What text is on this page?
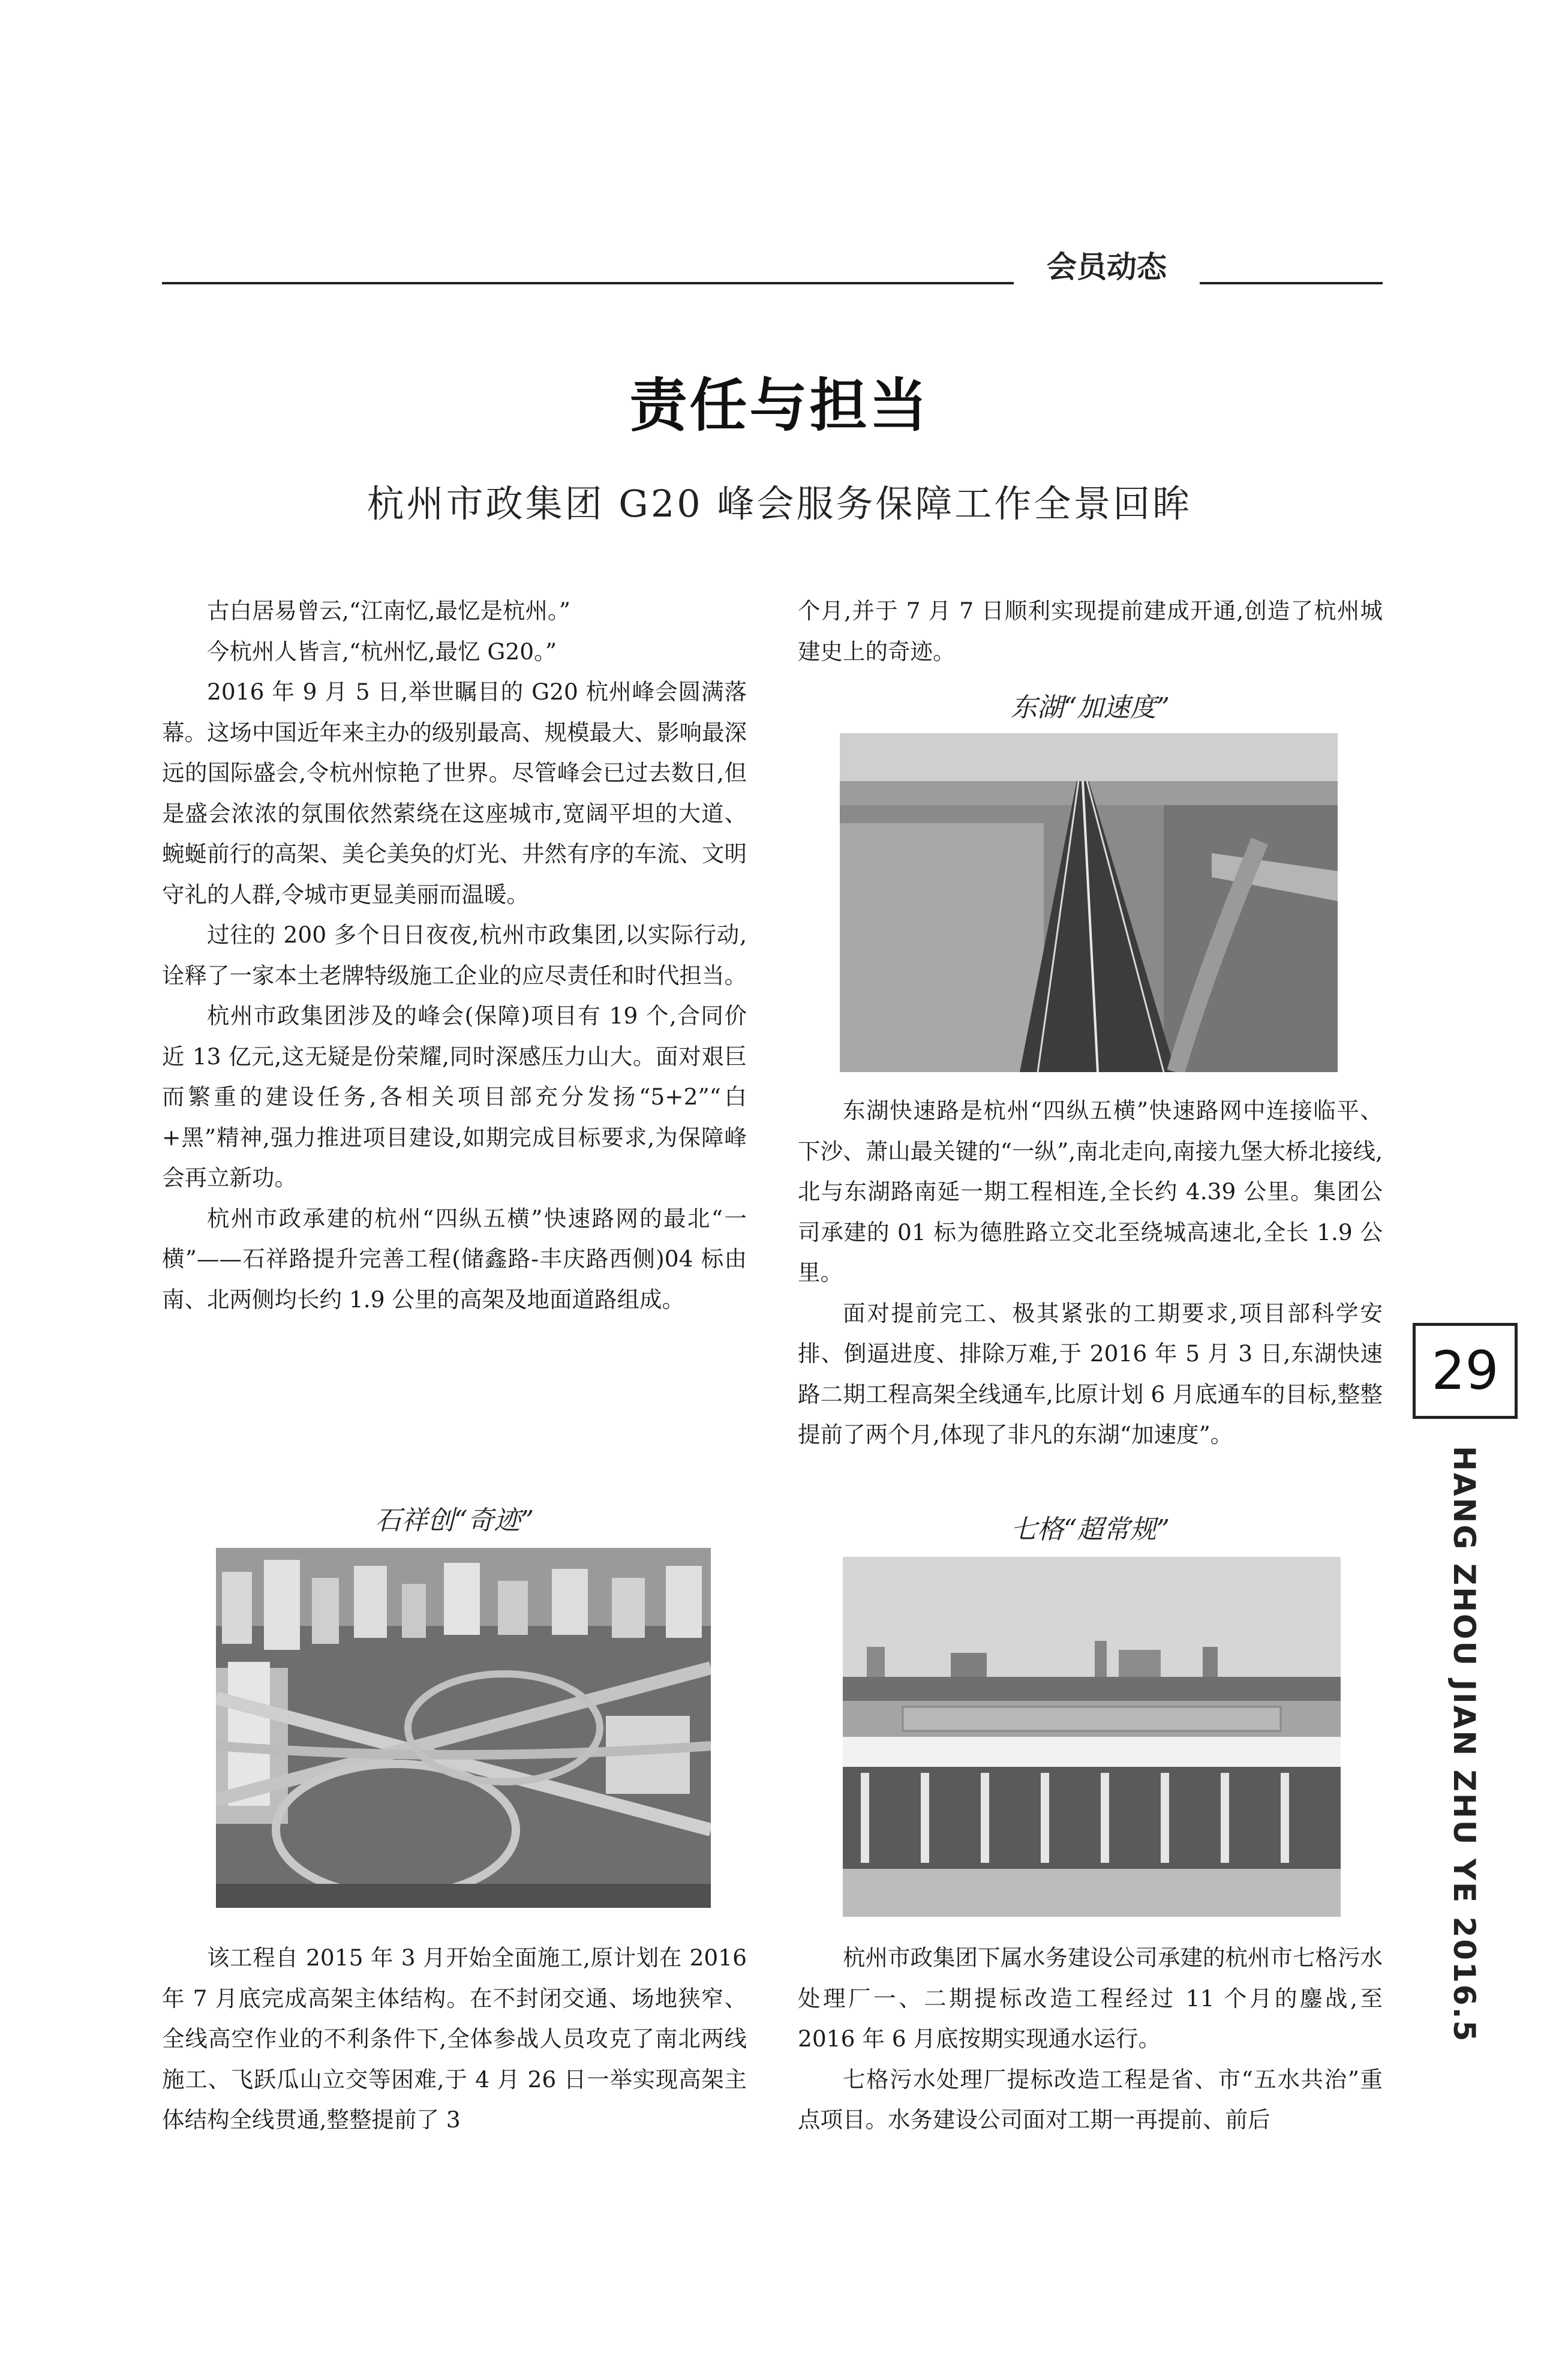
会员动态
责任与担当
杭州市政集团 G20 峰会服务保障工作全景回眸

古白居易曾云,“江南忆,最忆是杭州。”

今杭州人皆言,“杭州忆,最忆 G20。”

2016 年 9 月 5 日,举世瞩目的 G20 杭州峰会圆满落幕。这场中国近年来主办的级别最高、规模最大、影响最深远的国际盛会,令杭州惊艳了世界。尽管峰会已过去数日,但是盛会浓浓的氛围依然萦绕在这座城市,宽阔平坦的大道、蜿蜒前行的高架、美仑美奂的灯光、井然有序的车流、文明守礼的人群,令城市更显美丽而温暖。

过往的 200 多个日日夜夜,杭州市政集团,以实际行动,诠释了一家本土老牌特级施工企业的应尽责任和时代担当。

杭州市政集团涉及的峰会(保障)项目有 19 个,合同价近 13 亿元,这无疑是份荣耀,同时深感压力山大。面对艰巨而繁重的建设任务,各相关项目部充分发扬“5+2”“白+黑”精神,强力推进项目建设,如期完成目标要求,为保障峰会再立新功。

杭州市政承建的杭州“四纵五横”快速路网的最北“一横”——石祥路提升完善工程(储鑫路-丰庆路西侧)04 标由南、北两侧均长约 1.9 公里的高架及地面道路组成。

石祥创“奇迹”

该工程自 2015 年 3 月开始全面施工,原计划在 2016 年 7 月底完成高架主体结构。在不封闭交通、场地狭窄、全线高空作业的不利条件下,全体参战人员攻克了南北两线施工、飞跃瓜山立交等困难,于 4 月 26 日一举实现高架主体结构全线贯通,整整提前了 3

个月,并于 7 月 7 日顺利实现提前建成开通,创造了杭州城建史上的奇迹。

东湖“加速度”

东湖快速路是杭州“四纵五横”快速路网中连接临平、下沙、萧山最关键的“一纵”,南北走向,南接九堡大桥北接线,北与东湖路南延一期工程相连,全长约 4.39 公里。集团公司承建的 01 标为德胜路立交北至绕城高速北,全长 1.9 公里。

面对提前完工、极其紧张的工期要求,项目部科学安排、倒逼进度、排除万难,于 2016 年 5 月 3 日,东湖快速路二期工程高架全线通车,比原计划 6 月底通车的目标,整整提前了两个月,体现了非凡的东湖“加速度”。

七格“超常规”

杭州市政集团下属水务建设公司承建的杭州市七格污水处理厂一、二期提标改造工程经过 11 个月的鏖战,至 2016 年 6 月底按期实现通水运行。

七格污水处理厂提标改造工程是省、市“五水共治”重点项目。水务建设公司面对工期一再提前、前后

29
HANG ZHOU JIAN ZHU YE 2016.5
